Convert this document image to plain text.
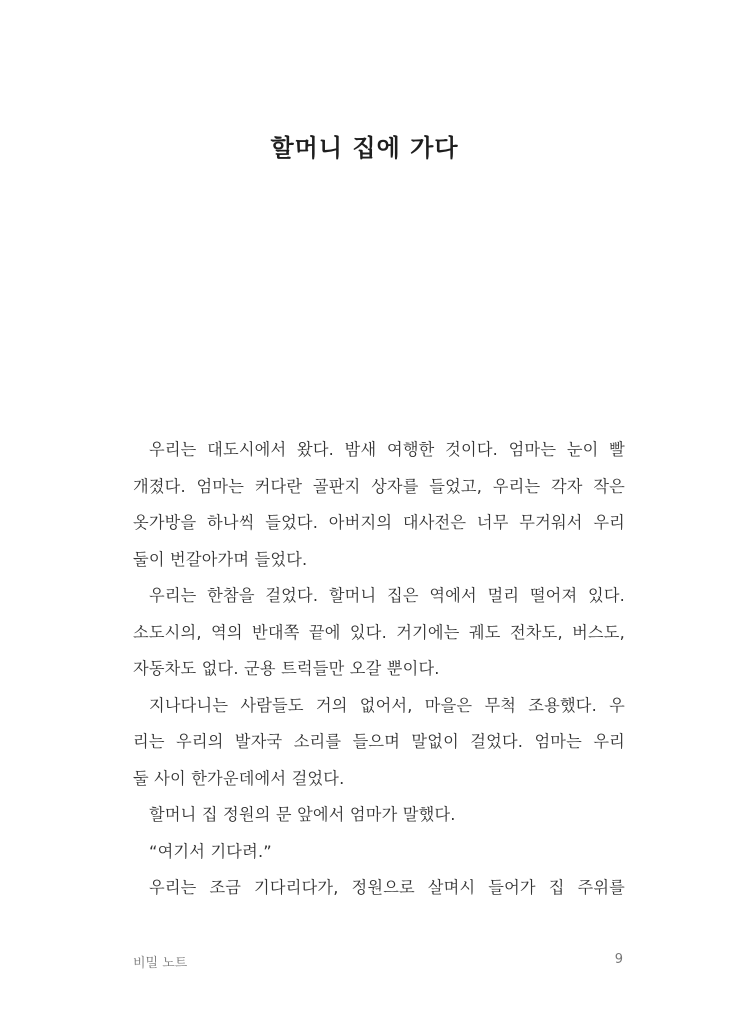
할머니 집에 가다
우리는 대도시에서 왔다. 밤새 여행한 것이다. 엄마는 눈이 빨
개졌다. 엄마는 커다란 골판지 상자를 들었고, 우리는 각자 작은
옷가방을 하나씩 들었다. 아버지의 대사전은 너무 무거워서 우리
둘이 번갈아가며 들었다.
우리는 한참을 걸었다. 할머니 집은 역에서 멀리 떨어져 있다.
소도시의, 역의 반대쪽 끝에 있다. 거기에는 궤도 전차도, 버스도,
자동차도 없다. 군용 트럭들만 오갈 뿐이다.
지나다니는 사람들도 거의 없어서, 마을은 무척 조용했다. 우
리는 우리의 발자국 소리를 들으며 말없이 걸었다. 엄마는 우리
둘 사이 한가운데에서 걸었다.
할머니 집 정원의 문 앞에서 엄마가 말했다.
“여기서 기다려.”
우리는 조금 기다리다가, 정원으로 살며시 들어가 집 주위를
비밀 노트	9
